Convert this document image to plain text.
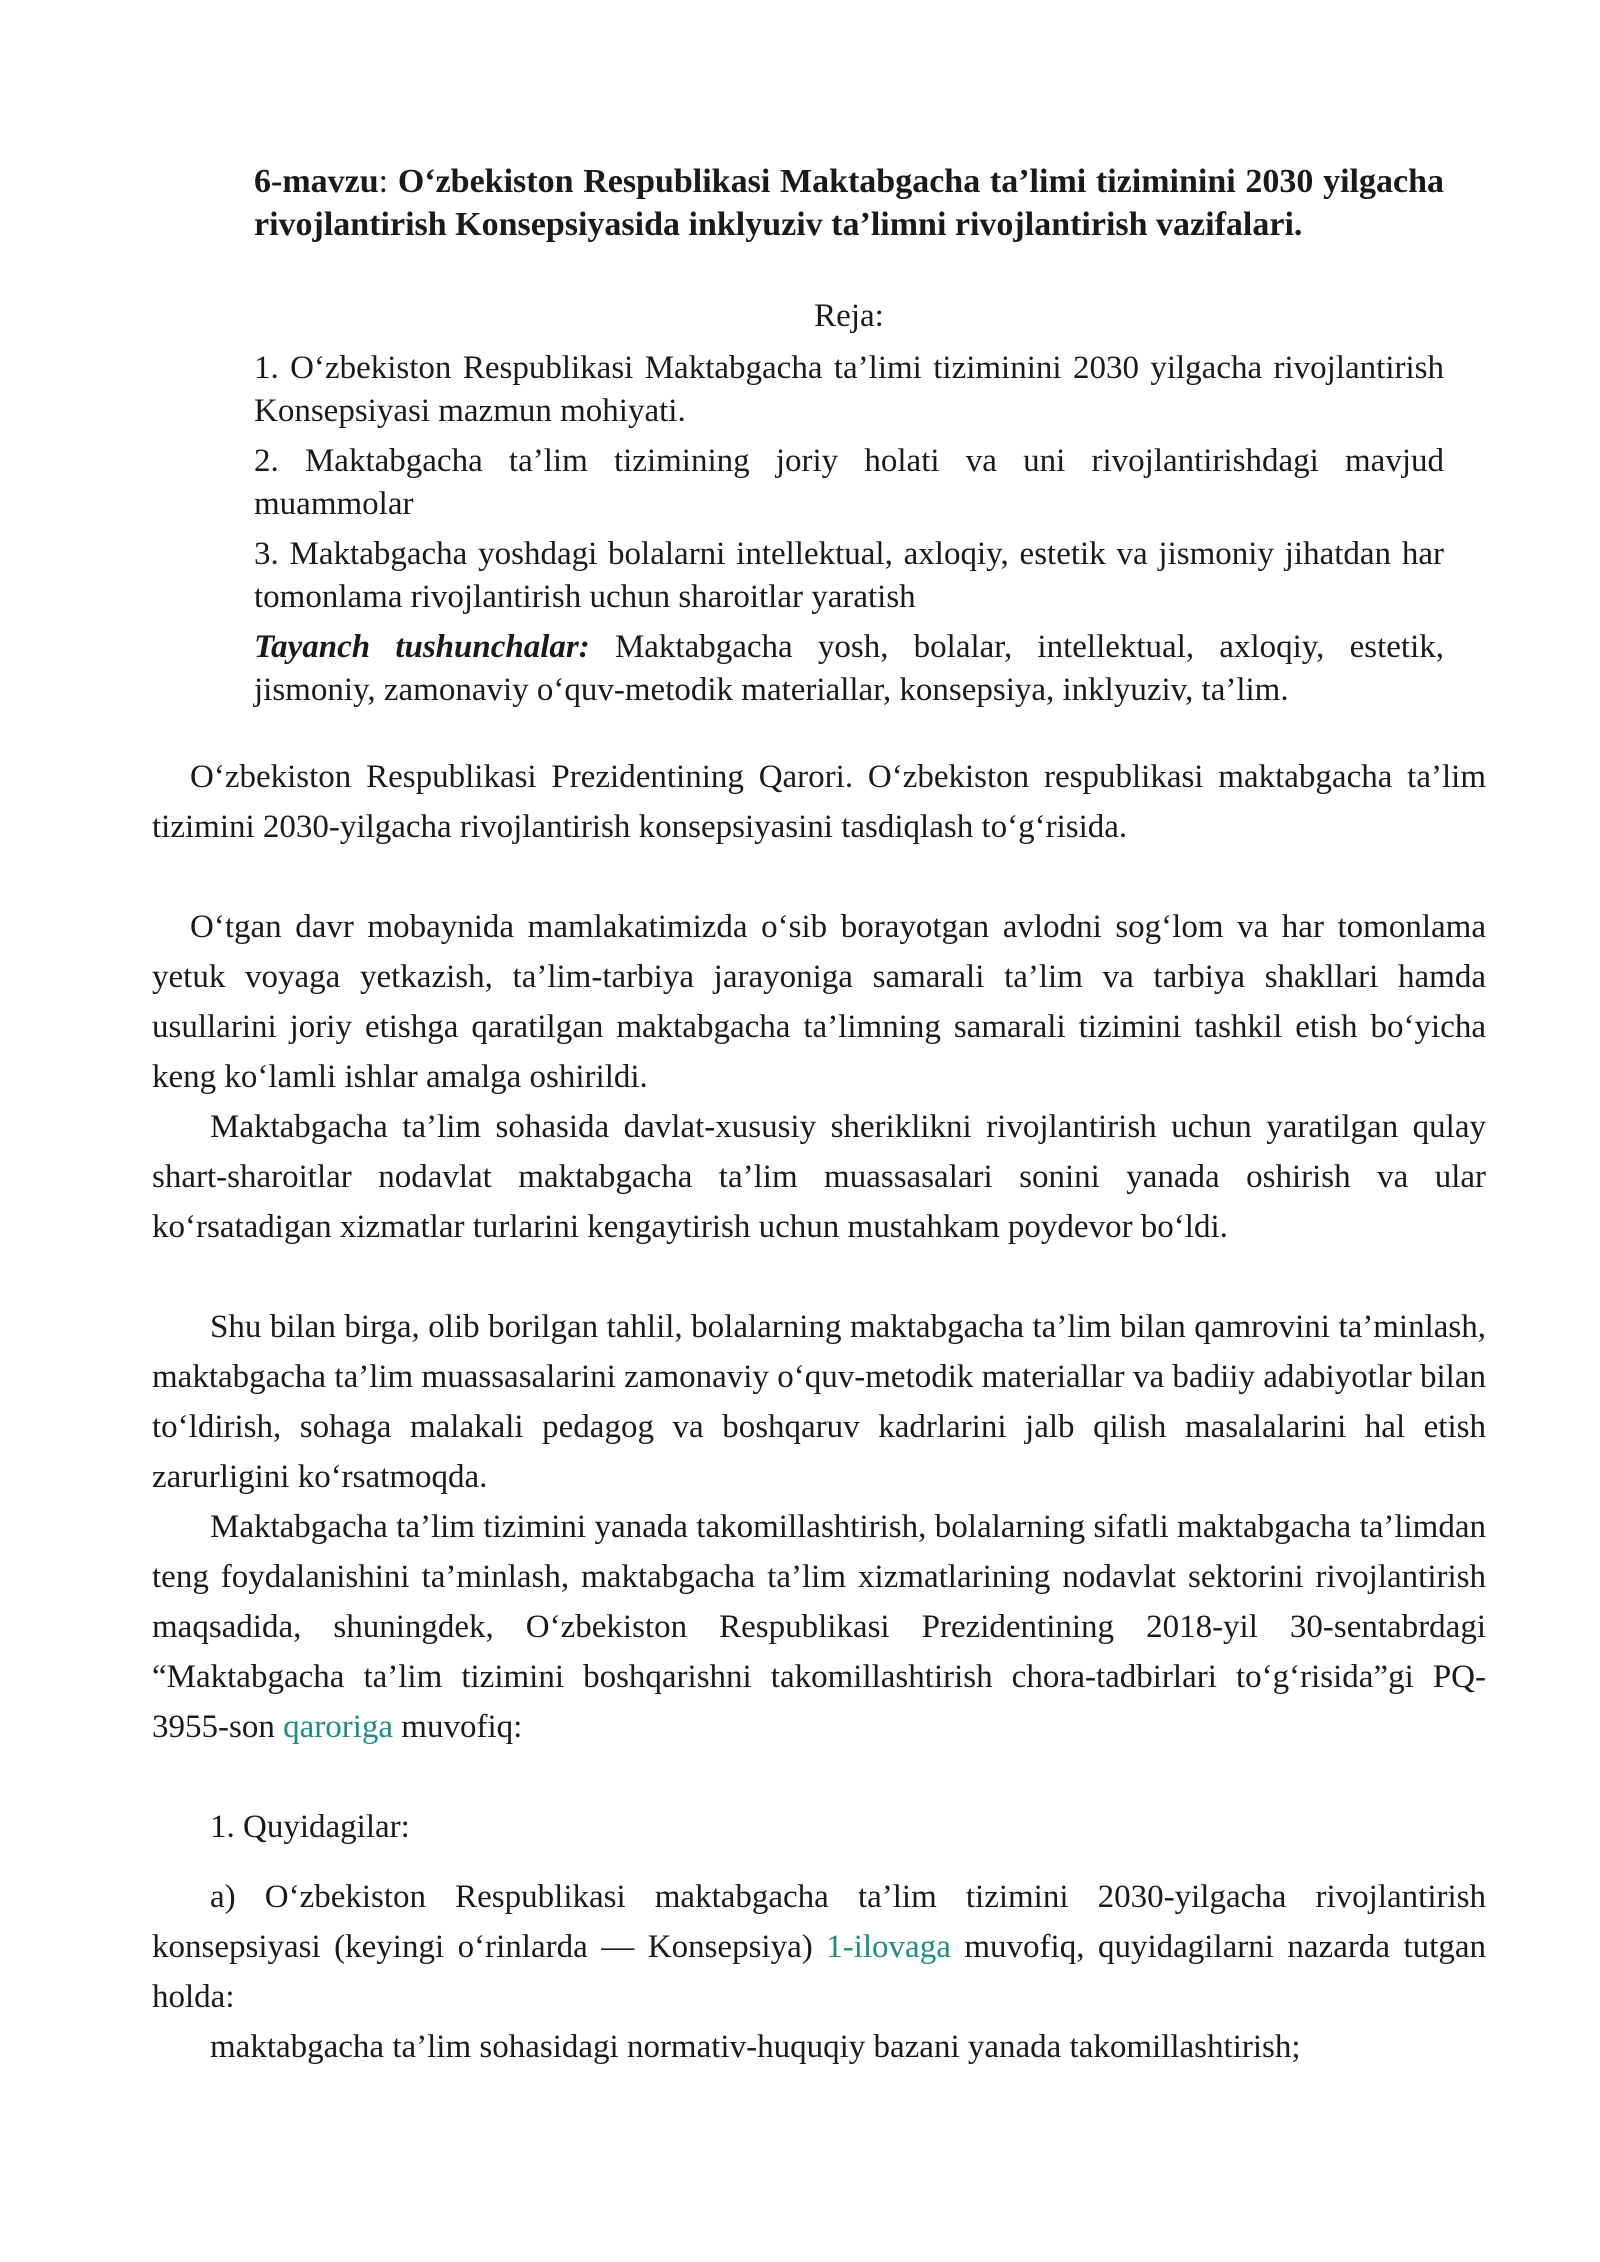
6-mavzu: O‘zbekiston Respublikasi Maktabgacha ta’limi tiziminini 2030 yilgacha rivojlantirish Konsepsiyasida inklyuziv ta’limni rivojlantirish vazifalari.
Reja:
1. O‘zbekiston Respublikasi Maktabgacha ta’limi tiziminini 2030 yilgacha rivojlantirish Konsepsiyasi mazmun mohiyati.
2. Maktabgacha ta’lim tizimining joriy holati va uni rivojlantirishdagi mavjud muammolar
3. Maktabgacha yoshdagi bolalarni intellektual, axloqiy, estetik va jismoniy jihatdan har tomonlama rivojlantirish uchun sharoitlar yaratish
Tayanch tushunchalar: Maktabgacha yosh, bolalar, intellektual, axloqiy, estetik, jismoniy, zamonaviy o‘quv-metodik materiallar, konsepsiya, inklyuziv, ta’lim.
O‘zbekiston Respublikasi Prezidentining Qarori. O‘zbekiston respublikasi maktabgacha ta’lim tizimini 2030-yilgacha rivojlantirish konsepsiyasini tasdiqlash to‘g‘risida.
O‘tgan davr mobaynida mamlakatimizda o‘sib borayotgan avlodni sog‘lom va har tomonlama yetuk voyaga yetkazish, ta’lim-tarbiya jarayoniga samarali ta’lim va tarbiya shakllari hamda usullarini joriy etishga qaratilgan maktabgacha ta’limning samarali tizimini tashkil etish bo‘yicha keng ko‘lamli ishlar amalga oshirildi.
Maktabgacha ta’lim sohasida davlat-xususiy sheriklikni rivojlantirish uchun yaratilgan qulay shart-sharoitlar nodavlat maktabgacha ta’lim muassasalari sonini yanada oshirish va ular ko‘rsatadigan xizmatlar turlarini kengaytirish uchun mustahkam poydevor bo‘ldi.
Shu bilan birga, olib borilgan tahlil, bolalarning maktabgacha ta’lim bilan qamrovini ta’minlash, maktabgacha ta’lim muassasalarini zamonaviy o‘quv-metodik materiallar va badiiy adabiyotlar bilan to‘ldirish, sohaga malakali pedagog va boshqaruv kadrlarini jalb qilish masalalarini hal etish zarurligini ko‘rsatmoqda.
Maktabgacha ta’lim tizimini yanada takomillashtirish, bolalarning sifatli maktabgacha ta’limdan teng foydalanishini ta’minlash, maktabgacha ta’lim xizmatlarining nodavlat sektorini rivojlantirish maqsadida, shuningdek, O‘zbekiston Respublikasi Prezidentining 2018-yil 30-sentabrdagi “Maktabgacha ta’lim tizimini boshqarishni takomillashtirish chora-tadbirlari to‘g‘risida”gi PQ-3955-son qaroriga muvofiq:
1. Quyidagilar:
a) O‘zbekiston Respublikasi maktabgacha ta’lim tizimini 2030-yilgacha rivojlantirish konsepsiyasi (keyingi o‘rinlarda — Konsepsiya) 1-ilovaga muvofiq, quyidagilarni nazarda tutgan holda:
maktabgacha ta’lim sohasidagi normativ-huquqiy bazani yanada takomillashtirish;
